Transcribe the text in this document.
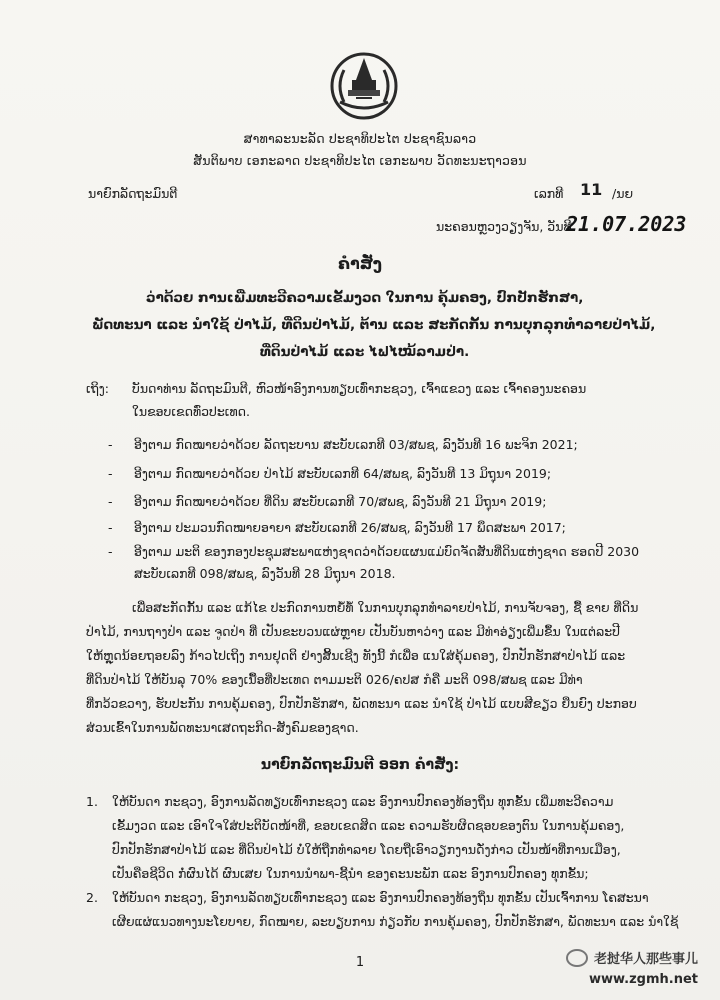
ສາທາລະນະລັດ ປະຊາທິປະໄຕ ປະຊາຊົນລາວ
ສັນຕິພາບ ເອກະລາດ ປະຊາທິປະໄຕ ເອກະພາບ ວັດທະນະຖາວອນ
ນາຍົກລັດຖະມົນຕີ	ເລກທີ 11 /ນຍ
ນະຄອນຫຼວງວຽງຈັນ, ວັນທີ
21.07.2023
ຄຳສັ່ງ
ວ່າດ້ວຍ ການເພີ່ມທະວີຄວາມເຂັ້ມງວດ ໃນການ ຄຸ້ມຄອງ, ປົກປັກຮັກສາ,
ພັດທະນາ ແລະ ນຳໃຊ້ ປ່າໄມ້, ທີ່ດິນປ່າໄມ້, ຕ້ານ ແລະ ສະກັດກັ້ນ ການບຸກລຸກທຳລາຍປ່າໄມ້,
ທີ່ດິນປ່າໄມ້ ແລະ ໄຟໄໝ້ລາມປ່າ.
ເຖິງ: ບັນດາທ່ານ ລັດຖະມົນຕີ, ຫົວໜ້າອົງການທຽບເທົ່າກະຊວງ, ເຈົ້າແຂວງ ແລະ ເຈົ້າຄອງນະຄອນ
ໃນຂອບເຂດທົ່ວປະເທດ.
- ອີງຕາມ ກົດໝາຍວ່າດ້ວຍ ລັດຖະບານ ສະບັບເລກທີ 03/ສພຊ, ລົງວັນທີ 16 ພະຈິກ 2021;
- ອີງຕາມ ກົດໝາຍວ່າດ້ວຍ ປ່າໄມ້ ສະບັບເລກທີ 64/ສພຊ, ລົງວັນທີ 13 ມິຖຸນາ 2019;
- ອີງຕາມ ກົດໝາຍວ່າດ້ວຍ ທີ່ດິນ ສະບັບເລກທີ 70/ສພຊ, ລົງວັນທີ 21 ມິຖຸນາ 2019;
- ອີງຕາມ ປະມວນກົດໝາຍອາຍາ ສະບັບເລກທີ 26/ສພຊ, ລົງວັນທີ 17 ພຶດສະພາ 2017;
- ອີງຕາມ ມະຕິ ຂອງກອງປະຊຸມສະພາແຫ່ງຊາດວ່າດ້ວຍແຜນແມ່ບົດຈັດສັນທີ່ດິນແຫ່ງຊາດ ຮອດປີ 2030
ສະບັບເລກທີ 098/ສພຊ, ລົງວັນທີ 28 ມິຖຸນາ 2018.
ເພື່ອສະກັດກັ້ນ ແລະ ແກ້ໄຂ ປະກົດການຫຍໍ້ທໍ້ ໃນການບຸກລຸກທຳລາຍປ່າໄມ້, ການຈັບຈອງ, ຊື້ ຂາຍ ທີ່ດິນ
ປ່າໄມ້, ການຖາງປ່າ ແລະ ຈູດປ່າ ທີ່ ເປັນຂະບວນແຜ່ຫຼາຍ ເປັນບັນຫາວ່າງ ແລະ ມີທ່າອ່ຽງເພີ່ມຂຶ້ນ ໃນແຕ່ລະປີ
ໃຫ້ຫຼຸດນ້ອຍຖອຍລົງ ກ້າວໄປເຖິງ ການຢຸດຕິ ຢ່າງສິ້ນເຊີງ ທັງນີ້ ກໍເພື່ອ ແນໃສ່ຄຸ້ມຄອງ, ປົກປັກຮັກສາປ່າໄມ້ ແລະ
ທີ່ດິນປ່າໄມ້ ໃຫ້ບັນລຸ 70% ຂອງເນື້ອທີ່ປະເທດ ຕາມມະຕິ 026/ຄປສ ກໍຄື ມະຕິ 098/ສພຊ ແລະ ມີທ່າ
ທີ່ກວ້ວຂວາງ, ຮັບປະກັນ ການຄຸ້ມຄອງ, ປົກປັກຮັກສາ, ພັດທະນາ ແລະ ນຳໃຊ້ ປ່າໄມ້ ແບບສີຂຽວ ຍືນຍົງ ປະກອບ
ສ່ວນເຂົ້າໃນການພັດທະນາເສດຖະກິດ-ສັງຄົມຂອງຊາດ.
ນາຍົກລັດຖະມົນຕີ ອອກ ຄຳສັ່ງ:
1. ໃຫ້ບັນດາ ກະຊວງ, ອົງການລັດທຽບເທົ່າກະຊວງ ແລະ ອົງການປົກຄອງທ້ອງຖິ່ນ ທຸກຂັ້ນ ເພີ່ມທະວີຄວາມ
ເຂັ້ມງວດ ແລະ ເອົາໃຈໃສ່ປະຕິບັດໜ້າທີ່, ຂອບເຂດສິດ ແລະ ຄວາມຮັບຜິດຊອບຂອງຕົນ ໃນການຄຸ້ມຄອງ,
ປົກປັກຮັກສາປ່າໄມ້ ແລະ ທີ່ດິນປ່າໄມ້ ບໍ່ໃຫ້ຖືກທຳລາຍ ໂດຍຖືເອົາວຽກງານດັ່ງກ່າວ ເປັນໜ້າທີ່ການເມືອງ,
ເປັນຄືອຊີວິດ ກໍ່ຜົນໄດ້ ຜົນເສຍ ໃນການນຳພາ-ຊີ້ນຳ ຂອງຄະນະພັກ ແລະ ອົງການປົກຄອງ ທຸກຂັ້ນ;
2. ໃຫ້ບັນດາ ກະຊວງ, ອົງການລັດທຽບເທົ່າກະຊວງ ແລະ ອົງການປົກຄອງທ້ອງຖິ່ນ ທຸກຂັ້ນ ເປັນເຈົ້າການ ໂຄສະນາ
ເຜີຍແຜ່ແນວທາງນະໂຍບາຍ, ກົດໝາຍ, ລະບຽບການ ກ່ຽວກັບ ການຄຸ້ມຄອງ, ປົກປັກຮັກສາ, ພັດທະນາ ແລະ ນຳໃຊ້
1	老挝华人那些事儿
www.zgmh.net
